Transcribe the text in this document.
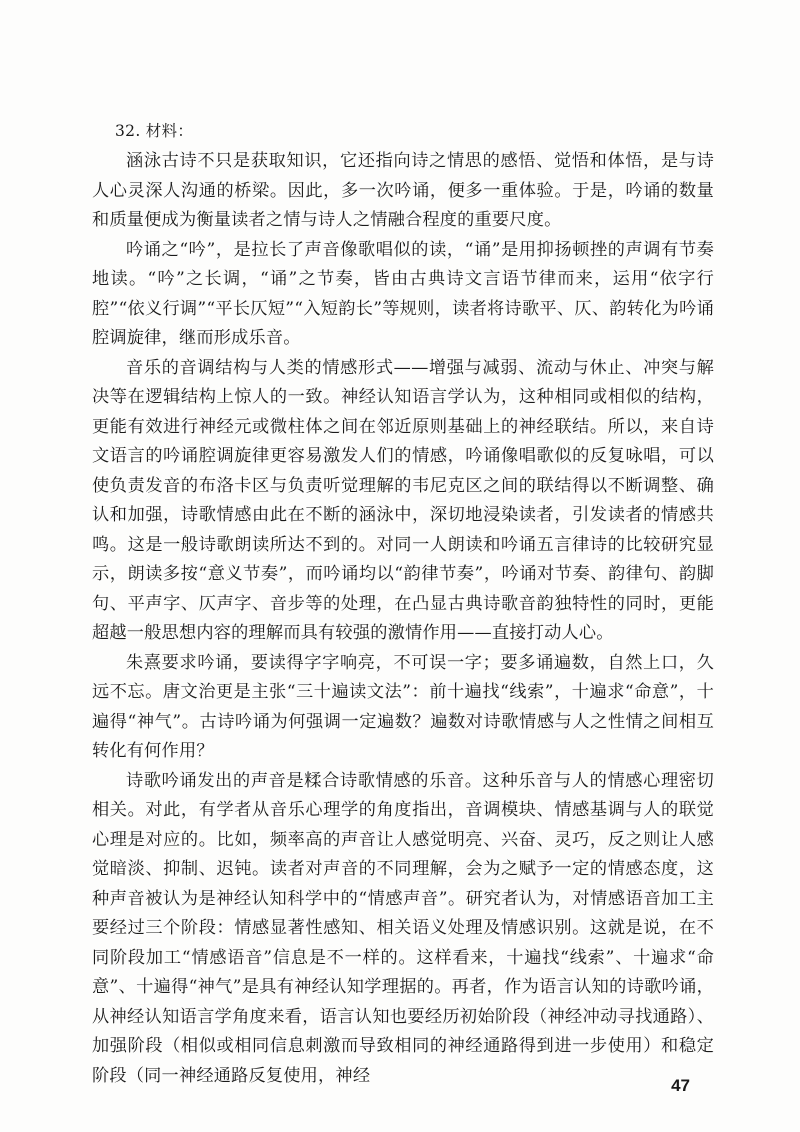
32. 材料：

涵泳古诗不只是获取知识，它还指向诗之情思的感悟、觉悟和体悟，是与诗人心灵深人沟通的桥梁。因此，多一次吟诵，便多一重体验。于是，吟诵的数量和质量便成为衡量读者之情与诗人之情融合程度的重要尺度。

吟诵之“吟”，是拉长了声音像歌唱似的读，“诵”是用抑扬顿挫的声调有节奏地读。“吟”之长调，“诵”之节奏，皆由古典诗文言语节律而来，运用“依字行腔”“依义行调”“平长仄短”“入短韵长”等规则，读者将诗歌平、仄、韵转化为吟诵腔调旋律，继而形成乐音。

音乐的音调结构与人类的情感形式——增强与减弱、流动与休止、冲突与解决等在逻辑结构上惊人的一致。神经认知语言学认为，这种相同或相似的结构，更能有效进行神经元或微柱体之间在邻近原则基础上的神经联结。所以，来自诗文语言的吟诵腔调旋律更容易激发人们的情感，吟诵像唱歌似的反复咏唱，可以使负责发音的布洛卡区与负责听觉理解的韦尼克区之间的联结得以不断调整、确认和加强，诗歌情感由此在不断的涵泳中，深切地浸染读者，引发读者的情感共鸣。这是一般诗歌朗读所达不到的。对同一人朗读和吟诵五言律诗的比较研究显示，朗读多按“意义节奏”，而吟诵均以“韵律节奏”，吟诵对节奏、韵律句、韵脚句、平声字、仄声字、音步等的处理，在凸显古典诗歌音韵独特性的同时，更能超越一般思想内容的理解而具有较强的激情作用——直接打动人心。

朱熹要求吟诵，要读得字字响亮，不可误一字；要多诵遍数，自然上口，久远不忘。唐文治更是主张“三十遍读文法”：前十遍找“线索”，十遍求“命意”，十遍得“神气”。古诗吟诵为何强调一定遍数？遍数对诗歌情感与人之性情之间相互转化有何作用？

诗歌吟诵发出的声音是糅合诗歌情感的乐音。这种乐音与人的情感心理密切相关。对此，有学者从音乐心理学的角度指出，音调模块、情感基调与人的联觉心理是对应的。比如，频率高的声音让人感觉明亮、兴奋、灵巧，反之则让人感觉暗淡、抑制、迟钝。读者对声音的不同理解，会为之赋予一定的情感态度，这种声音被认为是神经认知科学中的“情感声音”。研究者认为，对情感语音加工主要经过三个阶段：情感显著性感知、相关语义处理及情感识别。这就是说，在不同阶段加工“情感语音”信息是不一样的。这样看来，十遍找“线索”、十遍求“命意”、十遍得“神气”是具有神经认知学理据的。再者，作为语言认知的诗歌吟诵，从神经认知语言学角度来看，语言认知也要经历初始阶段（神经冲动寻找通路）、加强阶段（相似或相同信息刺激而导致相同的神经通路得到进一步使用）和稳定阶段（同一神经通路反复使用，神经	47
